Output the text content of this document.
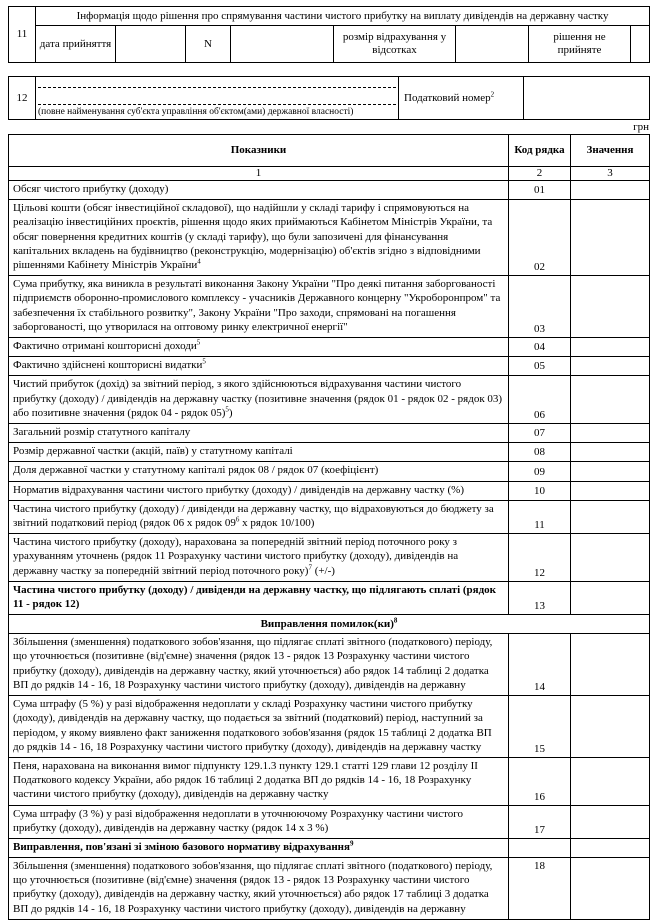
11	Інформація щодо рішення про спрямування частини чистого прибутку на виплату дивідендів на державну частку							
	дата прийняття		N		розмір відрахування у відсотках		рішення не прийняте	
12	
(повне найменування суб'єкта управління об'єктом(ами) державної власності)
	Податковий номер$^2$	
грн
Показники	Код рядка	Значення
1	2	3
Обсяг чистого прибутку (доходу)	01	
Цільові кошти (обсяг інвестиційної складової), що надійшли у складі тарифу і спрямовуються на реалізацію інвестиційних проєктів, рішення щодо яких приймаються Кабінетом Міністрів України, та обсяг повернення кредитних коштів (у складі тарифу), що були запозичені для фінансування капітальних вкладень на будівництво (реконструкцію, модернізацію) об'єктів згідно з відповідними рішеннями Кабінету Міністрів України$^4$	02	
Сума прибутку, яка виникла в результаті виконання Закону України "Про деякі питання заборгованості підприємств оборонно-промислового комплексу - учасників Державного концерну "Укроборонпром" та забезпечення їх стабільного розвитку", Закону України "Про заходи, спрямовані на погашення заборгованості, що утворилася на оптовому ринку електричної енергії"	03	
Фактично отримані кошторисні доходи$^5$	04	
Фактично здійснені кошторисні видатки$^5$	05	
Чистий прибуток (дохід) за звітний період, з якого здійснюються відрахування частини чистого прибутку (доходу) / дивідендів на державну частку (позитивне значення (рядок 01 - рядок 02 - рядок 03) або позитивне значення (рядок 04 - рядок 05)$^5$)	06	
Загальний розмір статутного капіталу	07	
Розмір державної частки (акцій, паїв) у статутному капіталі	08	
Доля державної частки у статутному капіталі рядок 08 / рядок 07 (коефіцієнт)	09	
Норматив відрахування частини чистого прибутку (доходу) / дивідендів на державну частку (%)	10	
Частина чистого прибутку (доходу) / дивіденди на державну частку, що відраховуються до бюджету за звітний податковий період (рядок 06 х рядок $09^6$ х рядок 10/100)	11	
Частина чистого прибутку (доходу), нарахована за попередній звітний період поточного року з урахуванням уточнень (рядок 11 Розрахунку частини чистого прибутку (доходу), дивідендів на державну частку за попередній звітний період поточного року)$^7$ (+/-)	12	
Частина чистого прибутку (доходу) / дивіденди на державну частку, що підлягають сплаті (рядок 11 - рядок 12)	13	
Виправлення помилок(ки)$^8$
Збільшення (зменшення) податкового зобов'язання, що підлягає сплаті звітного (податкового) періоду, що уточнюється (позитивне (від'ємне) значення (рядок 13 - рядок 13 Розрахунку частини чистого прибутку (доходу), дивідендів на державну частку, який уточнюється) або рядок 14 таблиці 2 додатка ВП до рядків 14 - 16, 18 Розрахунку частини чистого прибутку (доходу), дивідендів на державну	14	
Сума штрафу (5 %) у разі відображення недоплати у складі Розрахунку частини чистого прибутку (доходу), дивідендів на державну частку, що подається за звітний (податковий) період, наступний за періодом, у якому виявлено факт заниження податкового зобов'язання (рядок 15 таблиці 2 додатка ВП до рядків 14 - 16, 18 Розрахунку частини чистого прибутку (доходу), дивідендів на державну частку	15	
Пеня, нарахована на виконання вимог підпункту 129.1.3 пункту 129.1 статті 129 глави 12 розділу II Податкового кодексу України, або рядок 16 таблиці 2 додатка ВП до рядків 14 - 16, 18 Розрахунку частини чистого прибутку (доходу), дивідендів на державну частку	16	
Сума штрафу (3 %) у разі відображення недоплати в уточнюючому Розрахунку частини чистого прибутку (доходу), дивідендів на державну частку (рядок 14 х 3 %)	17	
Виправлення, пов'язані зі зміною базового нормативу відрахування$^9$		
Збільшення (зменшення) податкового зобов'язання, що підлягає сплаті звітного (податкового) періоду, що уточнюється (позитивне (від'ємне) значення (рядок 13 - рядок 13 Розрахунку частини чистого прибутку (доходу), дивідендів на державну частку, який уточнюється) або рядок 17 таблиці 3 додатка ВП до рядків 14 - 16, 18 Розрахунку частини чистого прибутку (доходу), дивідендів на державну	18	
